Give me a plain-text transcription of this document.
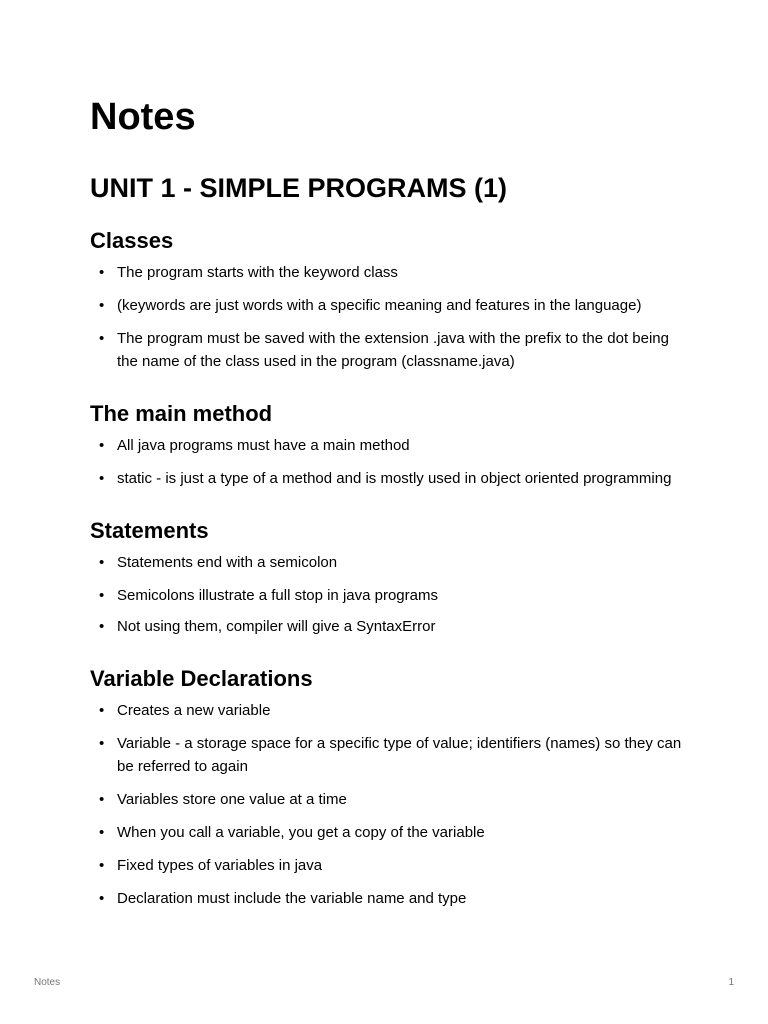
Notes
UNIT 1 - SIMPLE PROGRAMS (1)
Classes
• The program starts with the keyword class
• (keywords are just words with a specific meaning and features in the language)
• The program must be saved with the extension .java with the prefix to the dot being the name of the class used in the program (classname.java)
The main method
• All java programs must have a main method
• static - is just a type of a method and is mostly used in object oriented programming
Statements
• Statements end with a semicolon
• Semicolons illustrate a full stop in java programs
• Not using them, compiler will give a SyntaxError
Variable Declarations
• Creates a new variable
• Variable - a storage space for a specific type of value; identifiers (names) so they can be referred to again
• Variables store one value at a time
• When you call a variable, you get a copy of the variable
• Fixed types of variables in java
• Declaration must include the variable name and type
Notes	1
